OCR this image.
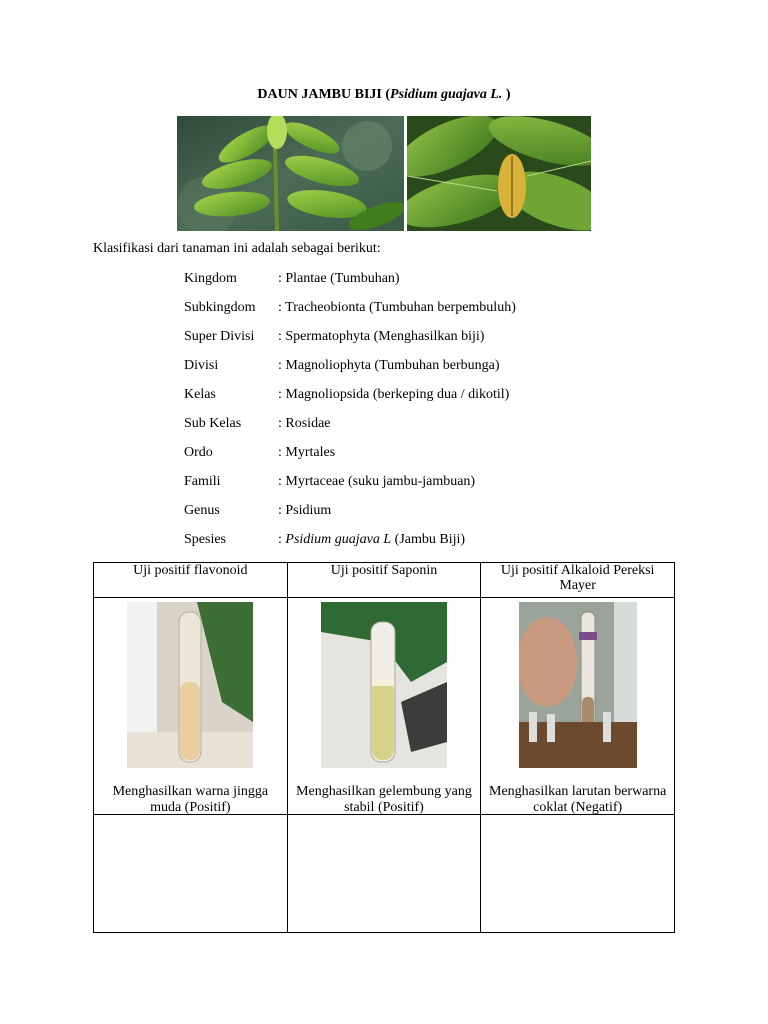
DAUN JAMBU BIJI (Psidium guajava L. )
Klasifikasi dari tanaman ini adalah sebagai berikut:
Kingdom	: Plantae (Tumbuhan)
Subkingdom : Tracheobionta (Tumbuhan berpembuluh)
Super Divisi : Spermatophyta (Menghasilkan biji)
Divisi	: Magnoliophyta (Tumbuhan berbunga)
Kelas	: Magnoliopsida (berkeping dua / dikotil)
Sub Kelas	: Rosidae
Ordo	: Myrtales
Famili	: Myrtaceae (suku jambu-jambuan)
Genus	: Psidium
Spesies	: Psidium guajava L (Jambu Biji)
Uji positif flavonoid	Uji positif Saponin	Uji positif Alkaloid Pereksi Mayer

Menghasilkan warna jingga muda (Positif)	Menghasilkan gelembung yang stabil (Positif)	Menghasilkan larutan berwarna coklat (Negatif)
